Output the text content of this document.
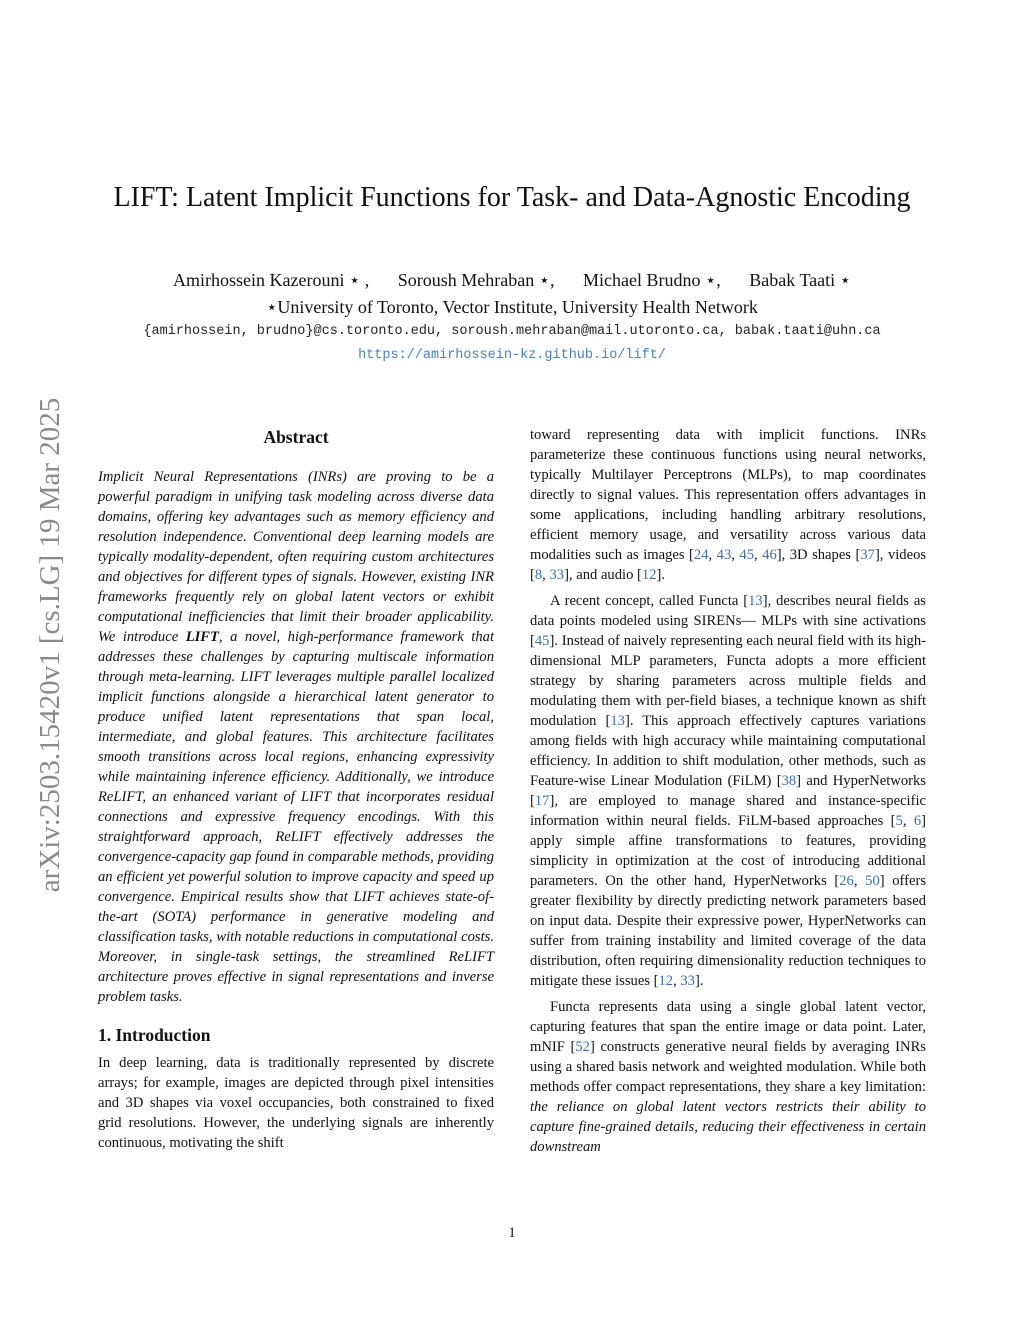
arXiv:2503.15420v1 [cs.LG] 19 Mar 2025
LIFT: Latent Implicit Functions for Task- and Data-Agnostic Encoding
Amirhossein Kazerouni ⋆ , Soroush Mehraban ⋆, Michael Brudno ⋆, Babak Taati ⋆
⋆University of Toronto, Vector Institute, University Health Network
{amirhossein, brudno}@cs.toronto.edu, soroush.mehraban@mail.utoronto.ca, babak.taati@uhn.ca
https://amirhossein-kz.github.io/lift/
Abstract

Implicit Neural Representations (INRs) are proving to be a powerful paradigm in unifying task modeling across diverse data domains, offering key advantages such as memory efficiency and resolution independence. Conventional deep learning models are typically modality-dependent, often requiring custom architectures and objectives for different types of signals. However, existing INR frameworks frequently rely on global latent vectors or exhibit computational inefficiencies that limit their broader applicability. We introduce LIFT, a novel, high-performance framework that addresses these challenges by capturing multiscale information through meta-learning. LIFT leverages multiple parallel localized implicit functions alongside a hierarchical latent generator to produce unified latent representations that span local, intermediate, and global features. This architecture facilitates smooth transitions across local regions, enhancing expressivity while maintaining inference efficiency. Additionally, we introduce ReLIFT, an enhanced variant of LIFT that incorporates residual connections and expressive frequency encodings. With this straightforward approach, ReLIFT effectively addresses the convergence-capacity gap found in comparable methods, providing an efficient yet powerful solution to improve capacity and speed up convergence. Empirical results show that LIFT achieves state-of-the-art (SOTA) performance in generative modeling and classification tasks, with notable reductions in computational costs. Moreover, in single-task settings, the streamlined ReLIFT architecture proves effective in signal representations and inverse problem tasks.

1. Introduction

In deep learning, data is traditionally represented by discrete arrays; for example, images are depicted through pixel intensities and 3D shapes via voxel occupancies, both constrained to fixed grid resolutions. However, the underlying signals are inherently continuous, motivating the shift

toward representing data with implicit functions. INRs parameterize these continuous functions using neural networks, typically Multilayer Perceptrons (MLPs), to map coordinates directly to signal values. This representation offers advantages in some applications, including handling arbitrary resolutions, efficient memory usage, and versatility across various data modalities such as images [24, 43, 45, 46], 3D shapes [37], videos [8, 33], and audio [12].

A recent concept, called Functa [13], describes neural fields as data points modeled using SIRENs— MLPs with sine activations [45]. Instead of naively representing each neural field with its high-dimensional MLP parameters, Functa adopts a more efficient strategy by sharing parameters across multiple fields and modulating them with per-field biases, a technique known as shift modulation [13]. This approach effectively captures variations among fields with high accuracy while maintaining computational efficiency. In addition to shift modulation, other methods, such as Feature-wise Linear Modulation (FiLM) [38] and HyperNetworks [17], are employed to manage shared and instance-specific information within neural fields. FiLM-based approaches [5, 6] apply simple affine transformations to features, providing simplicity in optimization at the cost of introducing additional parameters. On the other hand, HyperNetworks [26, 50] offers greater flexibility by directly predicting network parameters based on input data. Despite their expressive power, HyperNetworks can suffer from training instability and limited coverage of the data distribution, often requiring dimensionality reduction techniques to mitigate these issues [12, 33].

Functa represents data using a single global latent vector, capturing features that span the entire image or data point. Later, mNIF [52] constructs generative neural fields by averaging INRs using a shared basis network and weighted modulation. While both methods offer compact representations, they share a key limitation: the reliance on global latent vectors restricts their ability to capture fine-grained details, reducing their effectiveness in certain downstream

1
